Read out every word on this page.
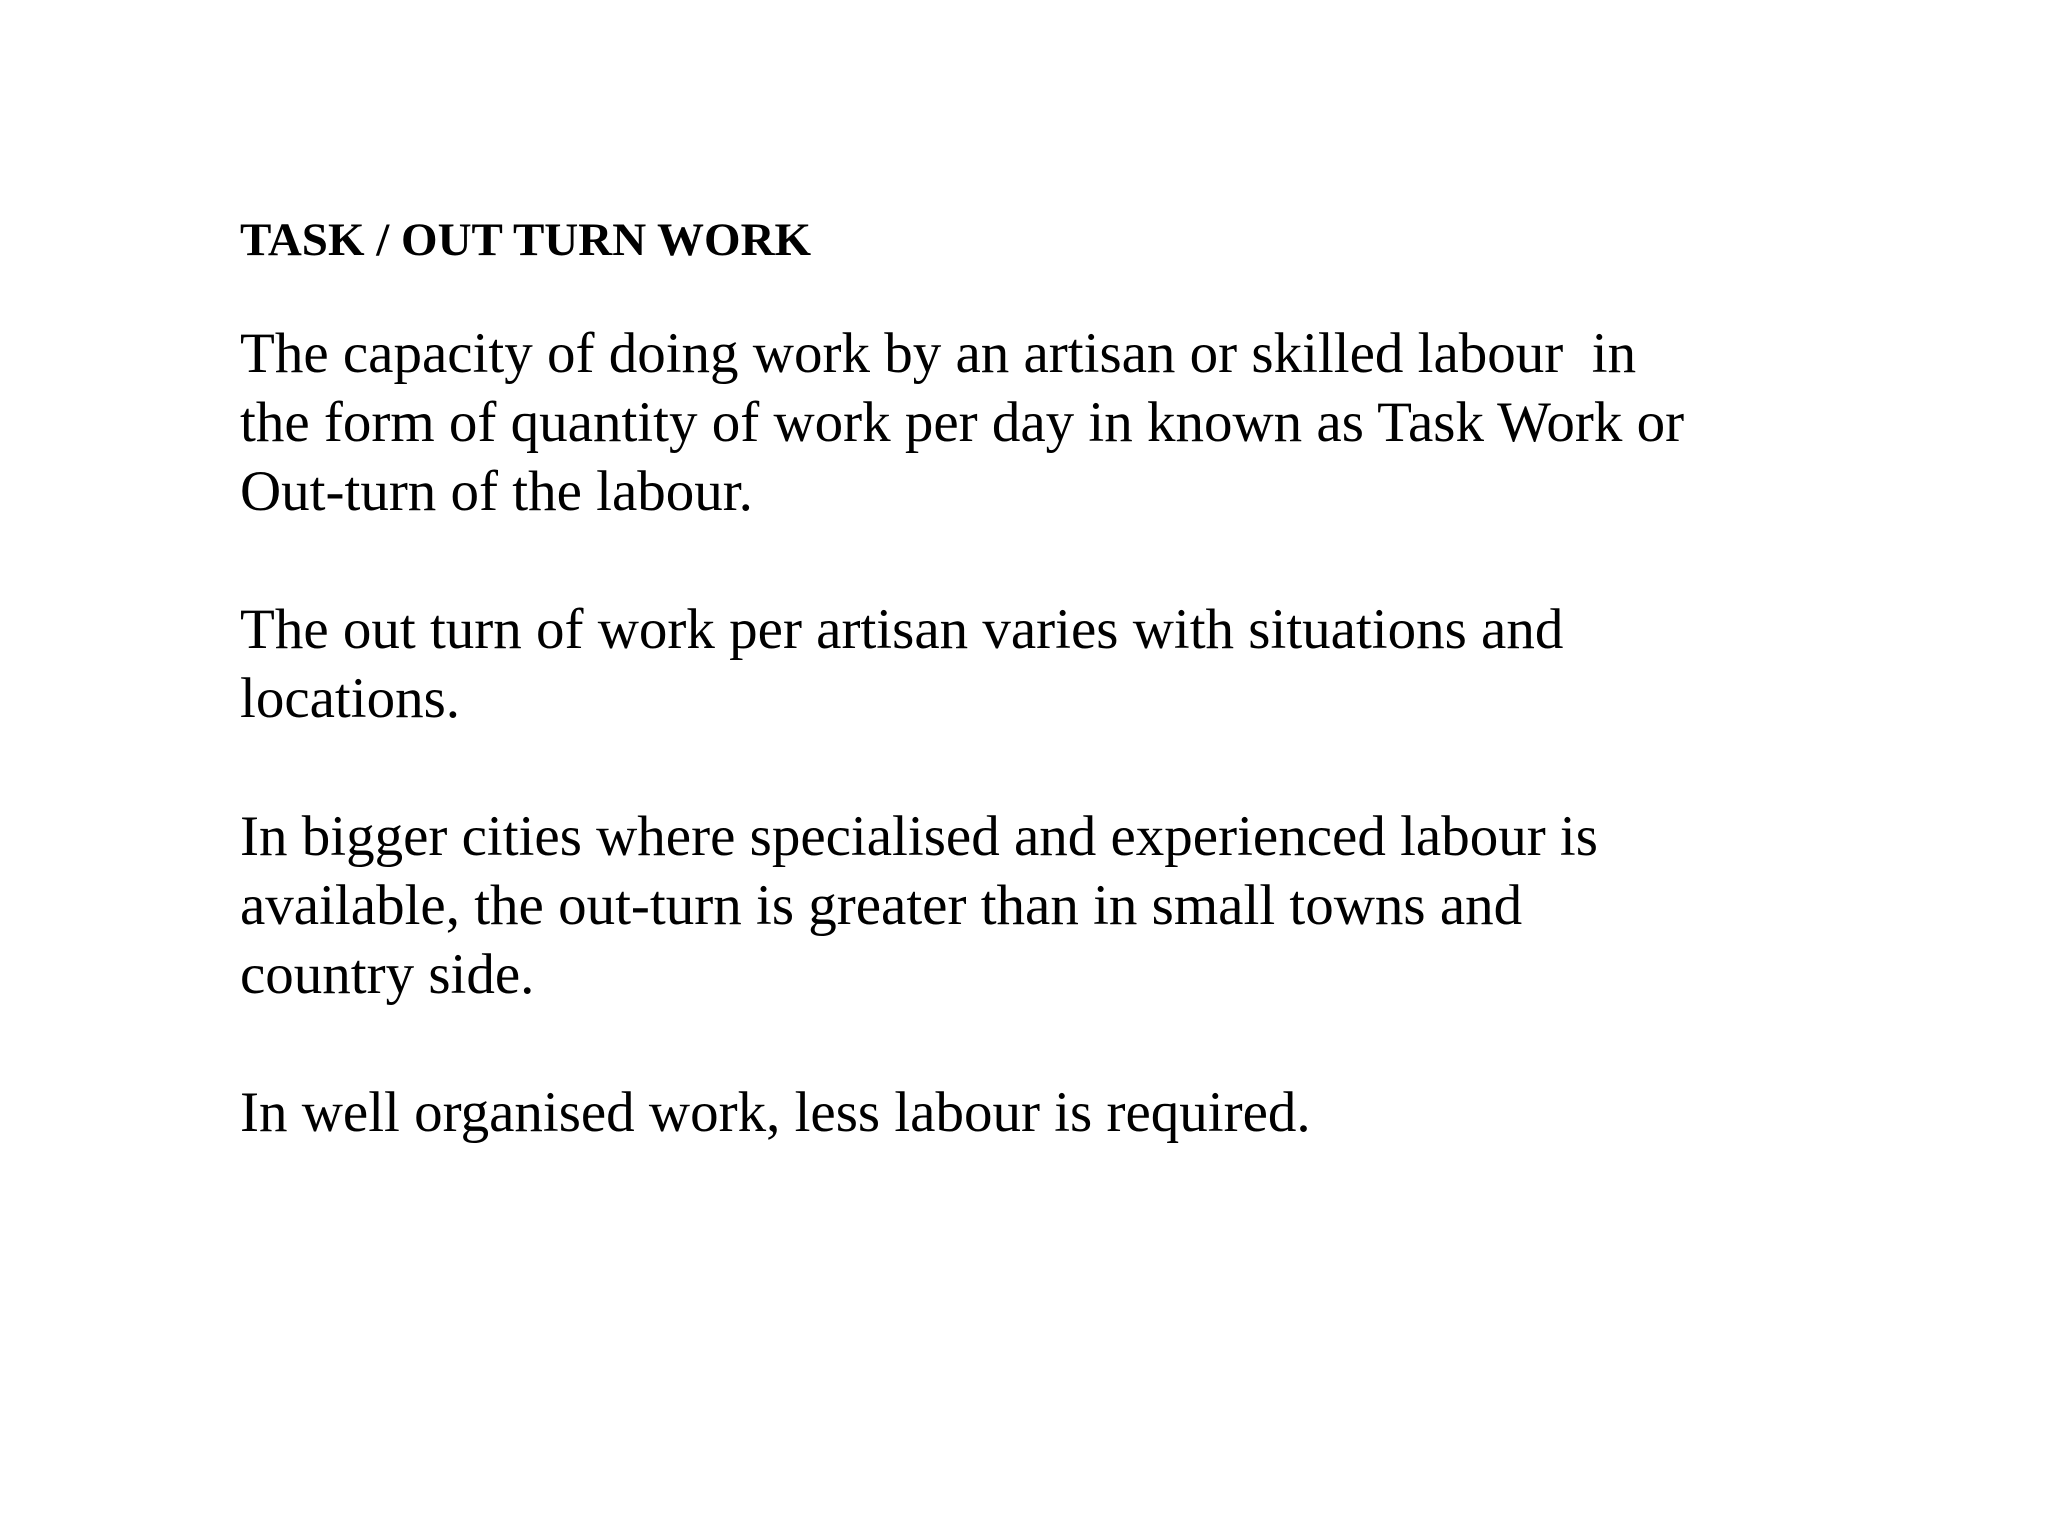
TASK / OUT TURN WORK

The capacity of doing work by an artisan or skilled labour  in
the form of quantity of work per day in known as Task Work or
Out-turn of the labour.

The out turn of work per artisan varies with situations and
locations.

In bigger cities where specialised and experienced labour is
available, the out-turn is greater than in small towns and
country side.

In well organised work, less labour is required.
